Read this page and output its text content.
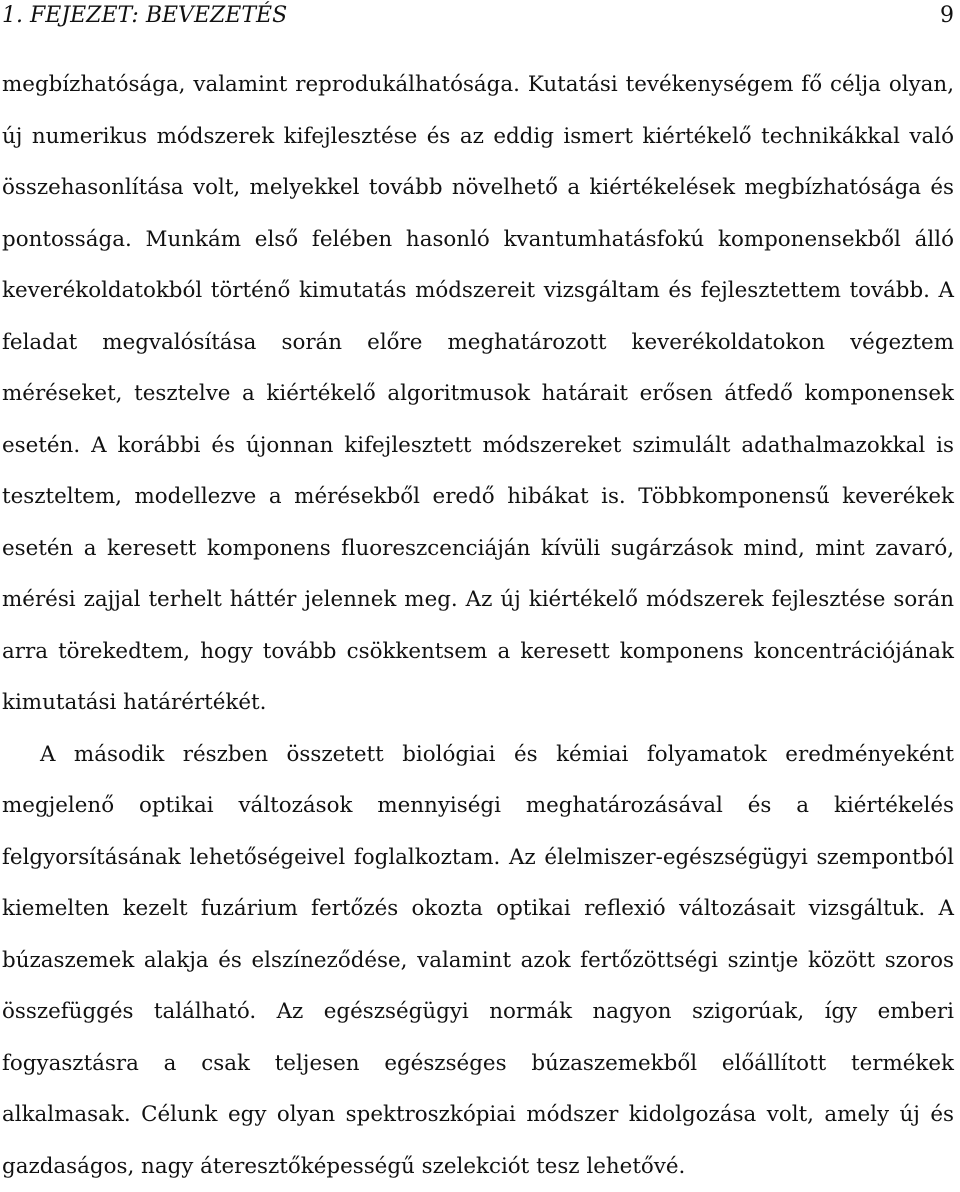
1. FEJEZET: BEVEZETÉS	9

megbízhatósága, valamint reprodukálhatósága. Kutatási tevékenységem fő célja olyan, új numerikus módszerek kifejlesztése és az eddig ismert kiértékelő technikákkal való összehasonlítása volt, melyekkel tovább növelhető a kiértékelések megbízhatósága és pontossága. Munkám első felében hasonló kvantumhatásfokú komponensekből álló keverékoldatokból történő kimutatás módszereit vizsgáltam és fejlesztettem tovább. A feladat megvalósítása során előre meghatározott keverékoldatokon végeztem méréseket, tesztelve a kiértékelő algoritmusok határait erősen átfedő komponensek esetén. A korábbi és újonnan kifejlesztett módszereket szimulált adathalmazokkal is teszteltem, modellezve a mérésekből eredő hibákat is. Többkomponensű keverékek esetén a keresett komponens fluoreszcenciáján kívüli sugárzások mind, mint zavaró, mérési zajjal terhelt háttér jelennek meg. Az új kiértékelő módszerek fejlesztése során arra törekedtem, hogy tovább csökkentsem a keresett komponens koncentrációjának kimutatási határértékét.

A második részben összetett biológiai és kémiai folyamatok eredményeként megjelenő optikai változások mennyiségi meghatározásával és a kiértékelés felgyorsításának lehetőségeivel foglalkoztam. Az élelmiszer-egészségügyi szempontból kiemelten kezelt fuzárium fertőzés okozta optikai reflexió változásait vizsgáltuk. A búzaszemek alakja és elszíneződése, valamint azok fertőzöttségi szintje között szoros összefüggés található. Az egészségügyi normák nagyon szigorúak, így emberi fogyasztásra a csak teljesen egészséges búzaszemekből előállított termékek alkalmasak. Célunk egy olyan spektroszkópiai módszer kidolgozása volt, amely új és gazdaságos, nagy áteresztőképességű szelekciót tesz lehetővé.
